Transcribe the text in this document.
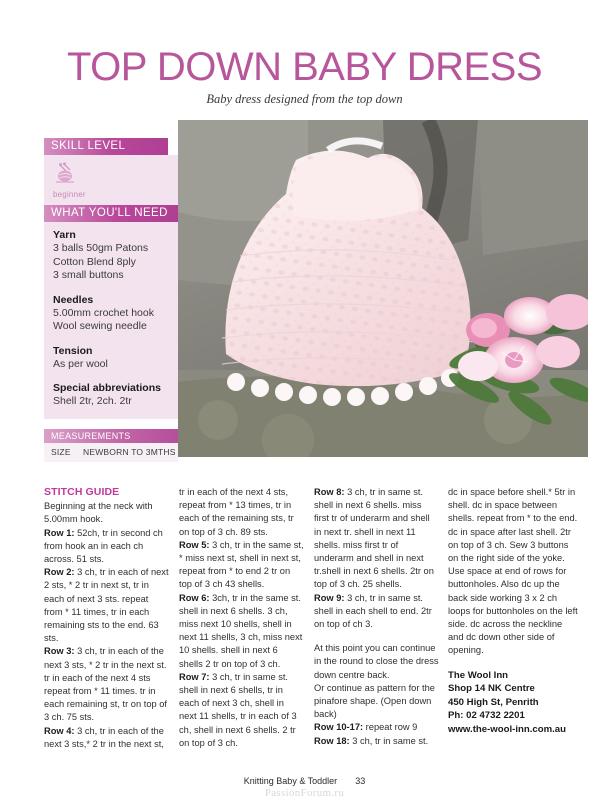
TOP DOWN BABY DRESS
Baby dress designed from the top down
SKILL LEVEL
beginner
WHAT YOU'LL NEED
Yarn
3 balls 50gm Patons
Cotton Blend 8ply
3 small buttons
Needles
5.00mm crochet hook
Wool sewing needle
Tension
As per wool
Special abbreviations
Shell 2tr, 2ch. 2tr
MEASUREMENTS
SIZE NEWBORN TO 3MTHS
STITCH GUIDE

Beginning at the neck with 5.00mm hook.

Row 1: 52ch, tr in second ch from hook an in each ch across. 51 sts.

Row 2: 3 ch, tr in each of next 2 sts, * 2 tr in next st, tr in each of next 3 sts. repeat from * 11 times, tr in each remaining sts to the end. 63 sts.

Row 3: 3 ch, tr in each of the next 3 sts, * 2 tr in the next st. tr in each of the next 4 sts repeat from * 11 times. tr in each remaining st, tr on top of 3 ch. 75 sts.

Row 4: 3 ch, tr in each of the next 3 sts,* 2 tr in the next st,

tr in each of the next 4 sts, repeat from * 13 times, tr in each of the remaining sts, tr on top of 3 ch. 89 sts.

Row 5: 3 ch, tr in the same st, * miss next st, shell in next st, repeat from * to end 2 tr on top of 3 ch 43 shells.

Row 6: 3ch, tr in the same st. shell in next 6 shells. 3 ch, miss next 10 shells, shell in next 11 shells, 3 ch, miss next 10 shells. shell in next 6 shells 2 tr on top of 3 ch.

Row 7: 3 ch, tr in same st. shell in next 6 shells, tr in each of next 3 ch, shell in next 11 shells, tr in each of 3 ch, shell in next 6 shells. 2 tr on top of 3 ch.

Row 8: 3 ch, tr in same st. shell in next 6 shells. miss first tr of underarm and shell in next tr. shell in next 11 shells. miss first tr of underarm and shell in next tr.shell in next 6 shells. 2tr on top of 3 ch. 25 shells.

Row 9: 3 ch, tr in same st. shell in each shell to end. 2tr on top of ch 3.

At this point you can continue in the round to close the dress down centre back.

Or continue as pattern for the pinafore shape. (Open down back)

Row 10-17: repeat row 9

Row 18: 3 ch, tr in same st.

dc in space before shell.* 5tr in shell. dc in space between shells. repeat from * to the end. dc in space after last shell. 2tr on top of 3 ch. Sew 3 buttons on the right side of the yoke. Use space at end of rows for buttonholes. Also dc up the back side working 3 x 2 ch loops for buttonholes on the left side. dc across the neckline and dc down other side of opening.

The Wool Inn
Shop 14 NK Centre
450 High St, Penrith
Ph: 02 4732 2201
www.the-wool-inn.com.au
Knitting Baby & Toddler 33
PassionForum.ru
